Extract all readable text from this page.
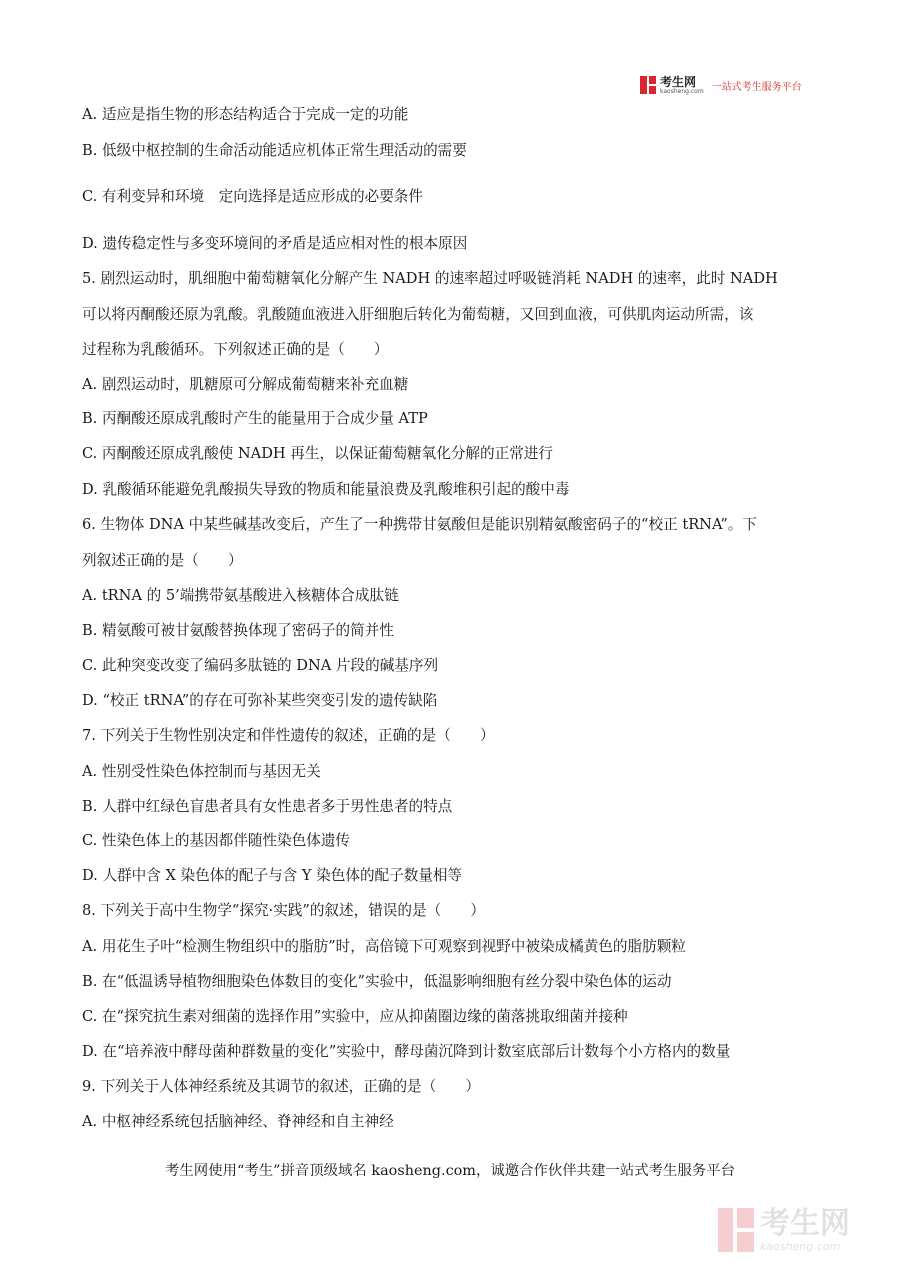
考生网
kaosheng.com 一站式考生服务平台
A. 适应是指生物的形态结构适合于完成一定的功能
B. 低级中枢控制的生命活动能适应机体正常生理活动的需要
C. 有利变异和环境　定向选择是适应形成的必要条件
D. 遗传稳定性与多变环境间的矛盾是适应相对性的根本原因
5. 剧烈运动时，肌细胞中葡萄糖氧化分解产生 NADH 的速率超过呼吸链消耗 NADH 的速率，此时 NADH
可以将丙酮酸还原为乳酸。乳酸随血液进入肝细胞后转化为葡萄糖，又回到血液，可供肌肉运动所需，该
过程称为乳酸循环。下列叙述正确的是（　　）
A. 剧烈运动时，肌糖原可分解成葡萄糖来补充血糖
B. 丙酮酸还原成乳酸时产生的能量用于合成少量 ATP
C. 丙酮酸还原成乳酸使 NADH 再生，以保证葡萄糖氧化分解的正常进行
D. 乳酸循环能避免乳酸损失导致的物质和能量浪费及乳酸堆积引起的酸中毒
6. 生物体 DNA 中某些碱基改变后，产生了一种携带甘氨酸但是能识别精氨酸密码子的“校正 tRNA”。下
列叙述正确的是（　　）
A. tRNA 的 5’端携带氨基酸进入核糖体合成肽链
B. 精氨酸可被甘氨酸替换体现了密码子的简并性
C. 此种突变改变了编码多肽链的 DNA 片段的碱基序列
D. “校正 tRNA”的存在可弥补某些突变引发的遗传缺陷
7. 下列关于生物性别决定和伴性遗传的叙述，正确的是（　　）
A. 性别受性染色体控制而与基因无关
B. 人群中红绿色盲患者具有女性患者多于男性患者的特点
C. 性染色体上的基因都伴随性染色体遗传
D. 人群中含 X 染色体的配子与含 Y 染色体的配子数量相等
8. 下列关于高中生物学“探究·实践”的叙述，错误的是（　　）
A. 用花生子叶“检测生物组织中的脂肪”时，高倍镜下可观察到视野中被染成橘黄色的脂肪颗粒
B. 在“低温诱导植物细胞染色体数目的变化”实验中，低温影响细胞有丝分裂中染色体的运动
C. 在“探究抗生素对细菌的选择作用”实验中，应从抑菌圈边缘的菌落挑取细菌并接种
D. 在“培养液中酵母菌种群数量的变化”实验中，酵母菌沉降到计数室底部后计数每个小方格内的数量
9. 下列关于人体神经系统及其调节的叙述，正确的是（　　）
A. 中枢神经系统包括脑神经、脊神经和自主神经
考生网使用“考生”拼音顶级域名 kaosheng.com，诚邀合作伙伴共建一站式考生服务平台
考生网
kaosheng.com
